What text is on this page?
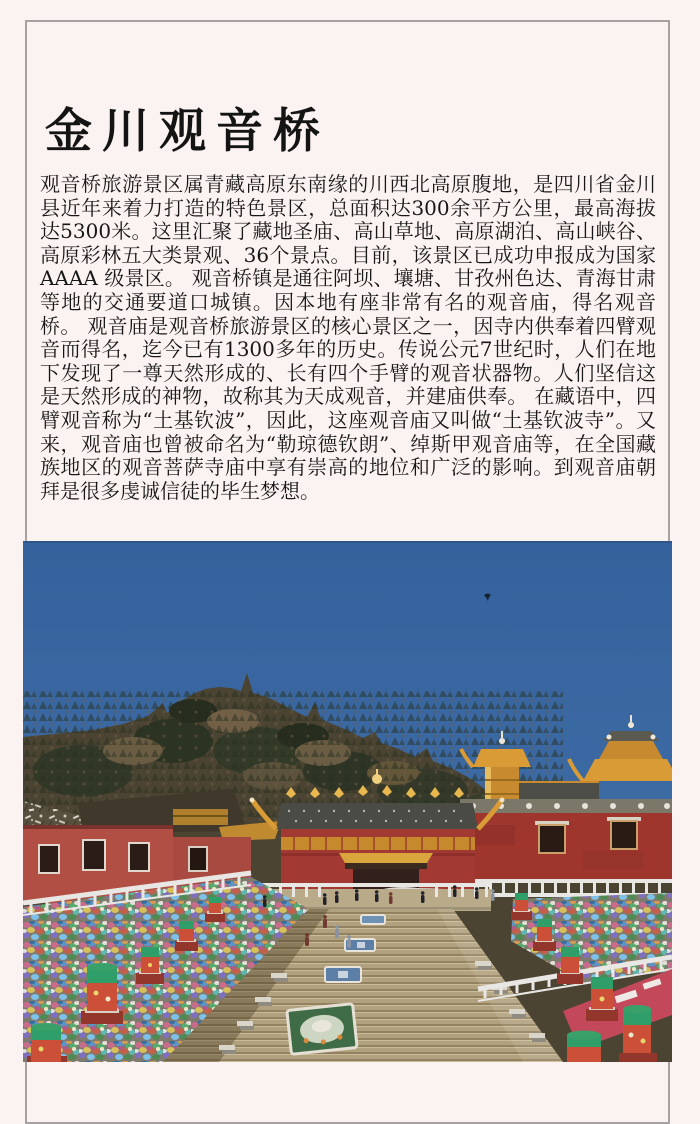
金川观音桥

观音桥旅游景区属青藏高原东南缘的川西北高原腹地，是四川省金川县近年来着力打造的特色景区，总面积达300余平方公里，最高海拔达5300米。这里汇聚了藏地圣庙、高山草地、高原湖泊、高山峡谷、高原彩林五大类景观、36个景点。目前，该景区已成功申报成为国家AAAA 级景区。 观音桥镇是通往阿坝、壤塘、甘孜州色达、青海甘肃等地的交通要道口城镇。因本地有座非常有名的观音庙，得名观音桥。 观音庙是观音桥旅游景区的核心景区之一，因寺内供奉着四臂观音而得名，迄今已有1300多年的历史。传说公元7世纪时，人们在地下发现了一尊天然形成的、长有四个手臂的观音状器物。人们坚信这是天然形成的神物，故称其为天成观音，并建庙供奉。 在藏语中，四臂观音称为“土基钦波”，因此，这座观音庙又叫做“土基钦波寺”。又来，观音庙也曾被命名为“勒琼德钦朗”、绰斯甲观音庙等，在全国藏族地区的观音菩萨寺庙中享有崇高的地位和广泛的影响。到观音庙朝拜是很多虔诚信徒的毕生梦想。
